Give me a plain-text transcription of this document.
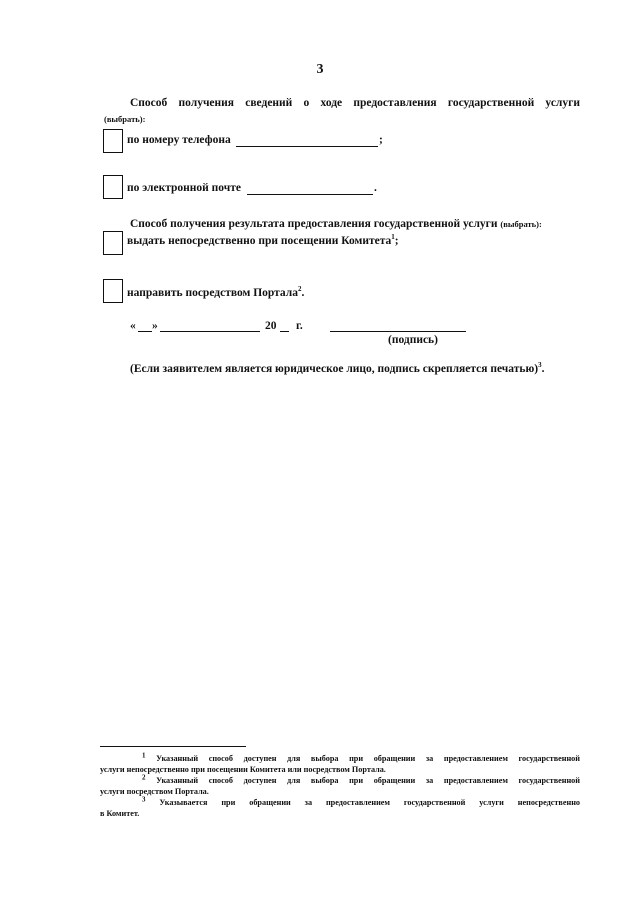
3
Способ получения сведений о ходе предоставления государственной услуги
(выбрать):
по номеру телефона	;
по электронной почте	.
Способ получения результата предоставления государственной услуги (выбрать):
выдать непосредственно при посещении Комитета$^1$;
направить посредством Портала$^2$.
« »	20 г.
(подпись)
(Если заявителем является юридическое лицо, подпись скрепляется печатью)$^3$.
$^1$ Указанный способ доступен для выбора при обращении за предоставлением государственной
услуги непосредственно при посещении Комитета или посредством Портала.
$^2$ Указанный способ доступен для выбора при обращении за предоставлением государственной
услуги посредством Портала.
$^3$ Указывается при обращении за предоставлением государственной услуги непосредственно
в Комитет.
